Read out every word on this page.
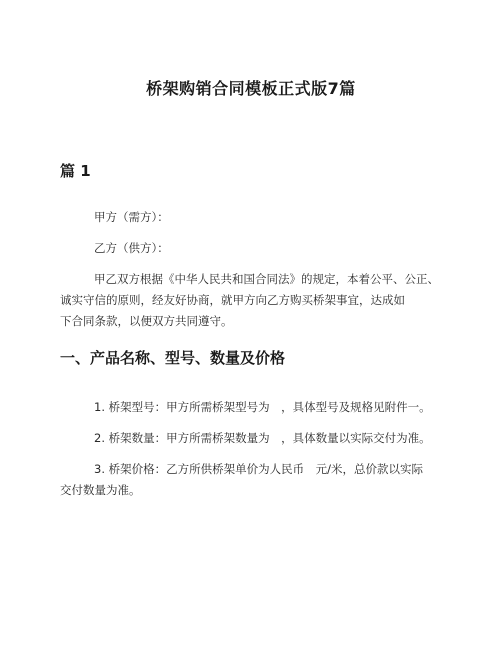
桥架购销合同模板正式版7篇
篇 1
甲方（需方）：
乙方（供方）：
甲乙双方根据《中华人民共和国合同法》的规定，本着公平、公正、
诚实守信的原则，经友好协商，就甲方向乙方购买桥架事宜，达成如
下合同条款，以便双方共同遵守。
一、产品名称、型号、数量及价格
1. 桥架型号：甲方所需桥架型号为　，具体型号及规格见附件一。
2. 桥架数量：甲方所需桥架数量为　，具体数量以实际交付为准。
3. 桥架价格：乙方所供桥架单价为人民币　元/米，总价款以实际
交付数量为准。
